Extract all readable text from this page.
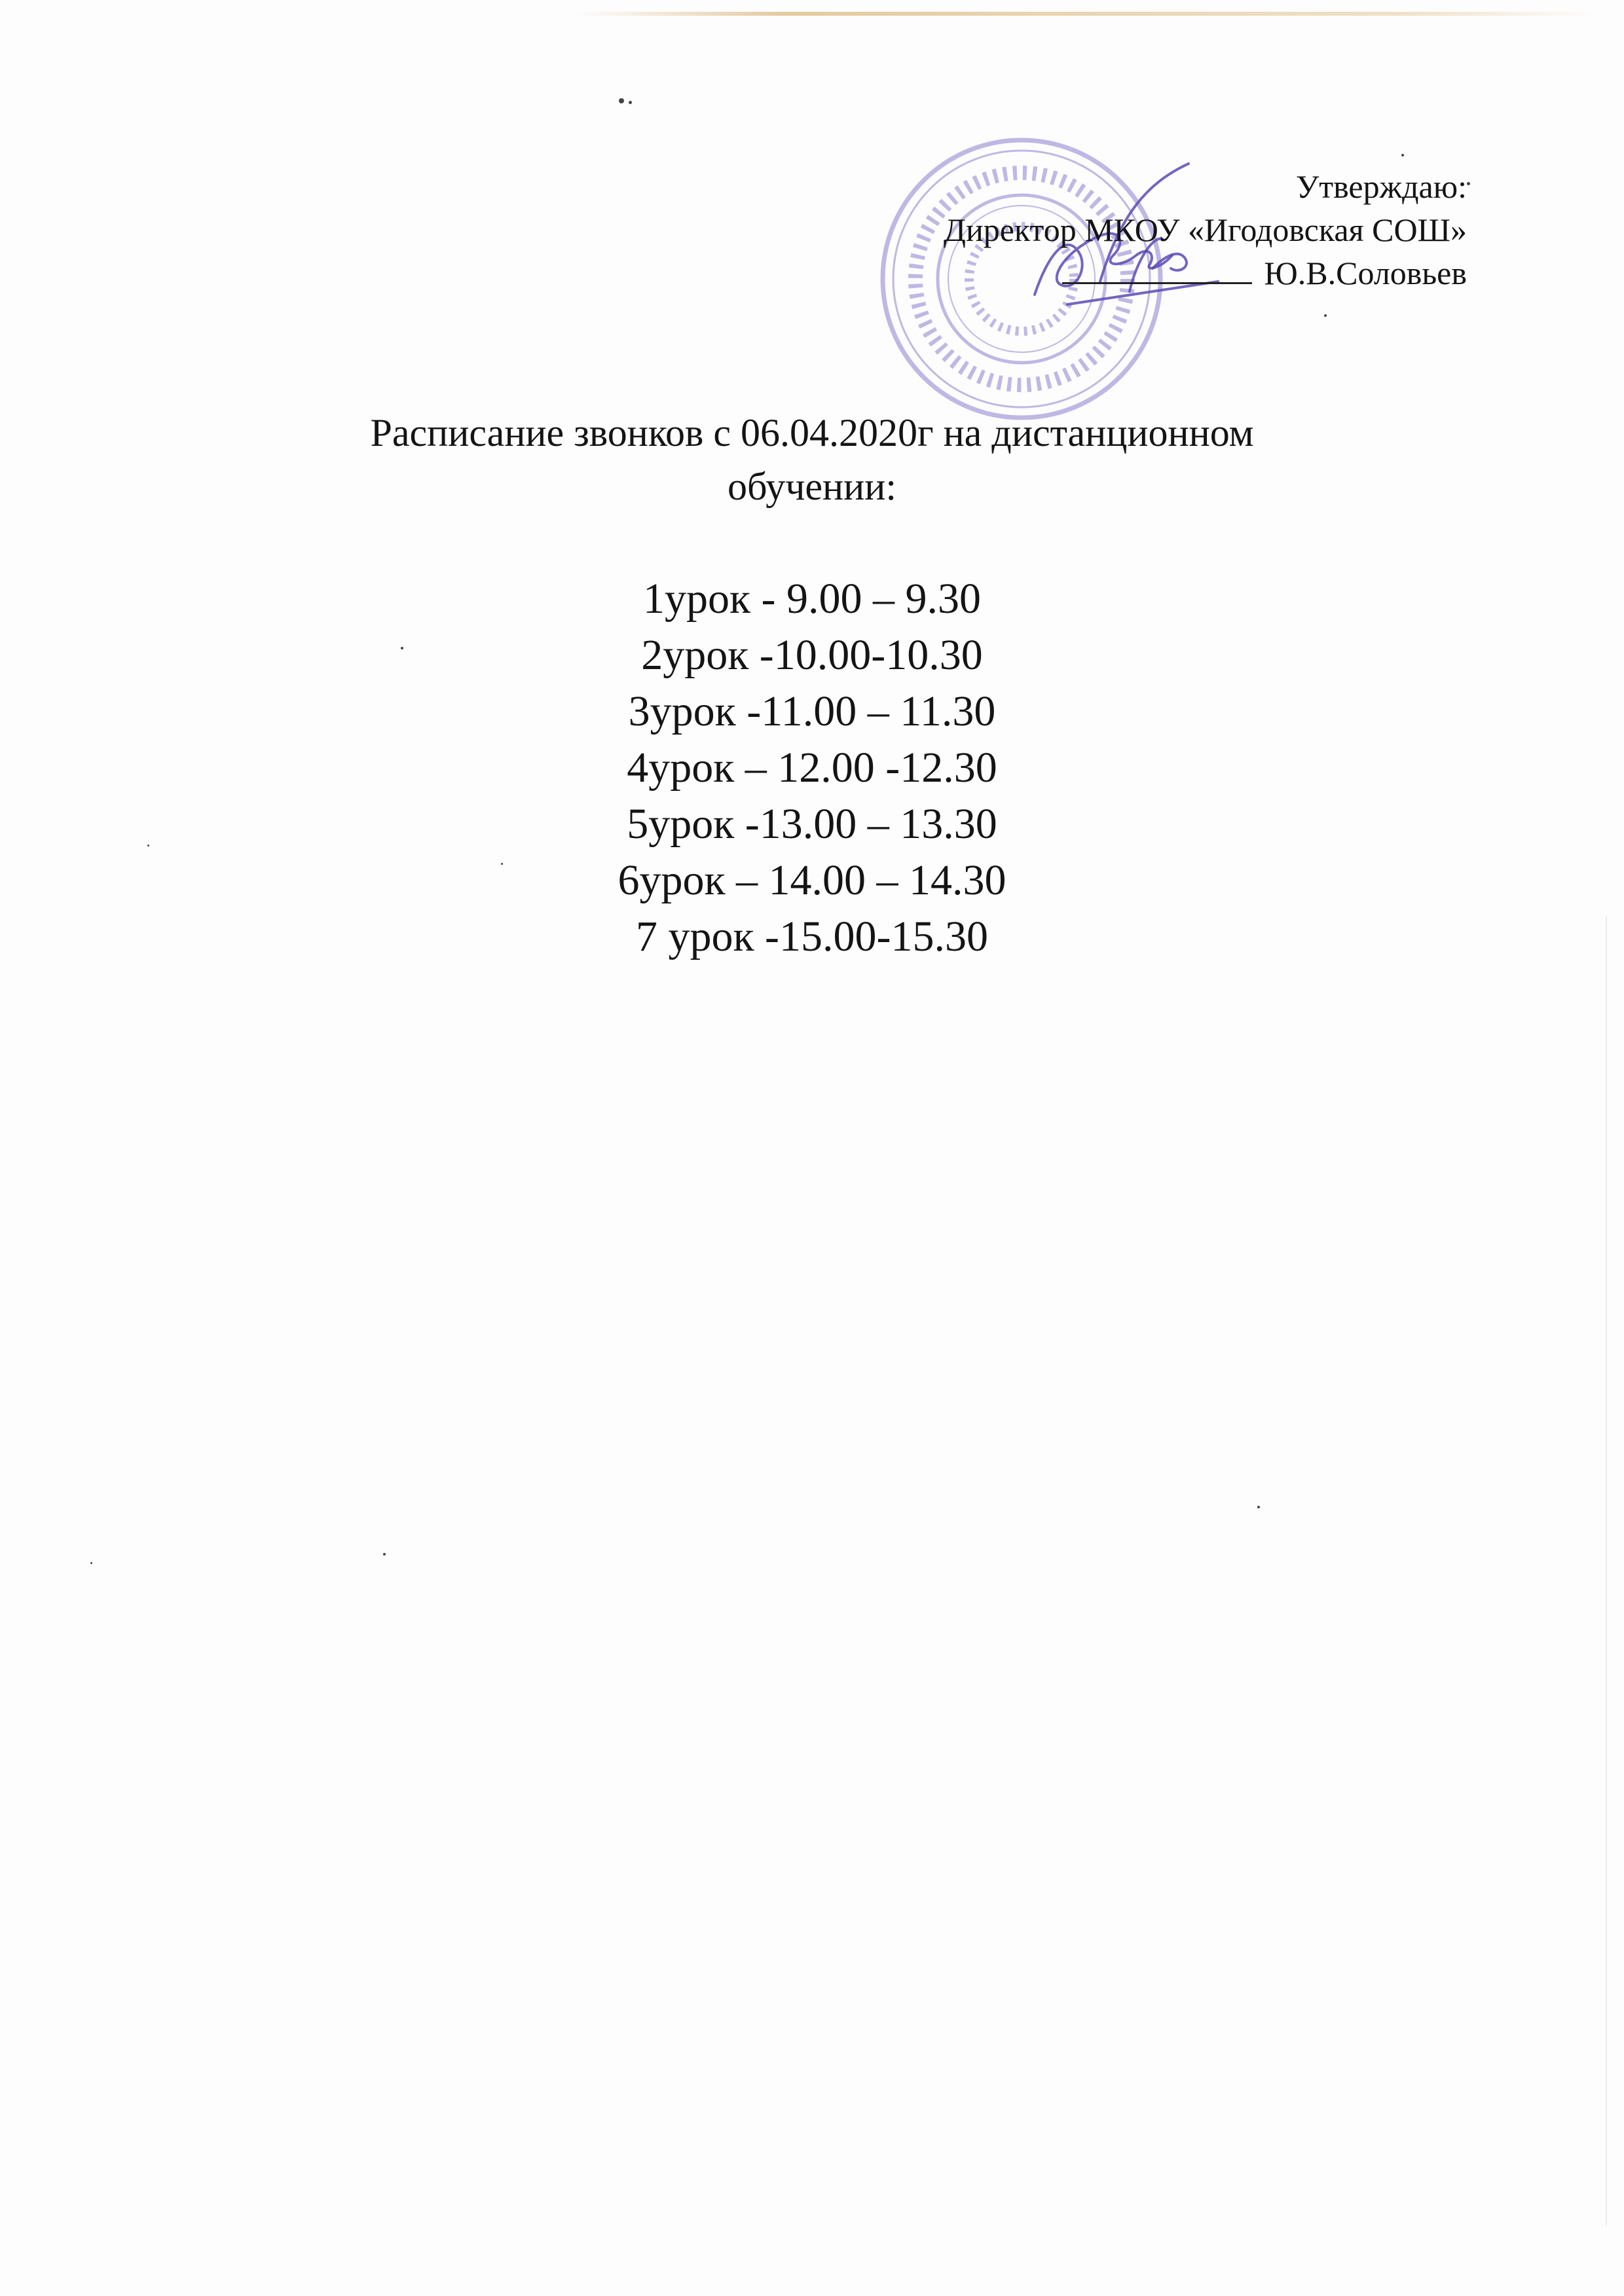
Утверждаю:
Директор МКОУ «Игодовская СОШ»
Ю.В.Соловьев
Расписание звонков с 06.04.2020г на дистанционном
обучении:
1урок - 9.00 – 9.30
2урок -10.00-10.30
3урок -11.00 – 11.30
4урок – 12.00 -12.30
5урок -13.00 – 13.30
6урок – 14.00 – 14.30
7 урок -15.00-15.30
